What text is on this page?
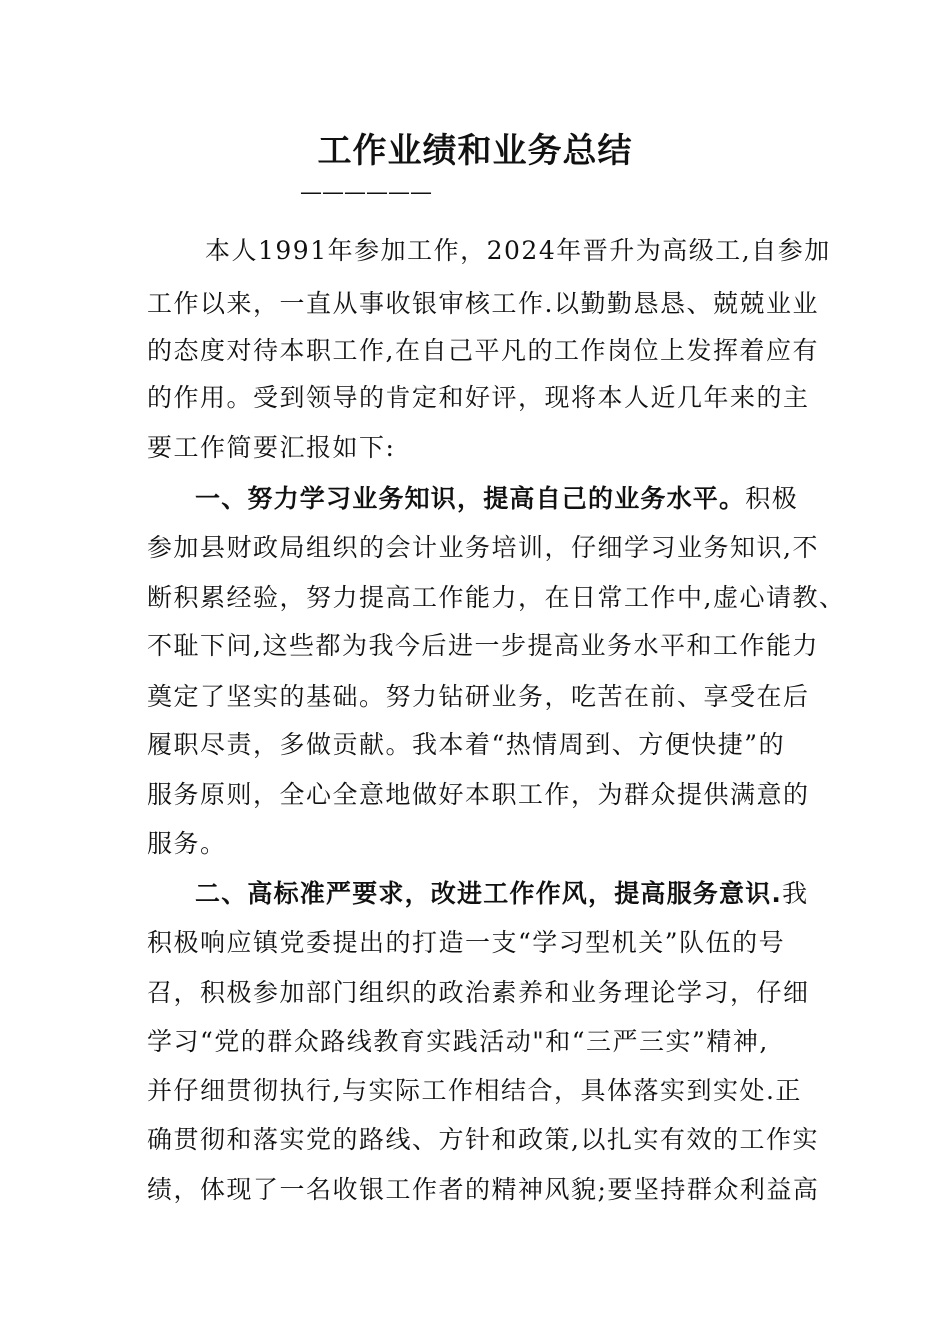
工作业绩和业务总结
——————
本人1991年参加工作，2024年晋升为高级工,自参加
工作以来，一直从事收银审核工作.以勤勤恳恳、兢兢业业
的态度对待本职工作,在自己平凡的工作岗位上发挥着应有
的作用。受到领导的肯定和好评，现将本人近几年来的主
要工作简要汇报如下:
一、努力学习业务知识，提高自己的业务水平。积极
参加县财政局组织的会计业务培训，仔细学习业务知识,不
断积累经验，努力提高工作能力，在日常工作中,虚心请教、
不耻下问,这些都为我今后进一步提高业务水平和工作能力
奠定了坚实的基础。努力钻研业务，吃苦在前、享受在后
履职尽责，多做贡献。我本着“热情周到、方便快捷”的
服务原则，全心全意地做好本职工作，为群众提供满意的
服务。
二、高标准严要求，改进工作作风，提高服务意识.我
积极响应镇党委提出的打造一支“学习型机关”队伍的号
召，积极参加部门组织的政治素养和业务理论学习，仔细
学习“党的群众路线教育实践活动"和“三严三实”精神,
并仔细贯彻执行,与实际工作相结合，具体落实到实处.正
确贯彻和落实党的路线、方针和政策,以扎实有效的工作实
绩，体现了一名收银工作者的精神风貌;要坚持群众利益高
